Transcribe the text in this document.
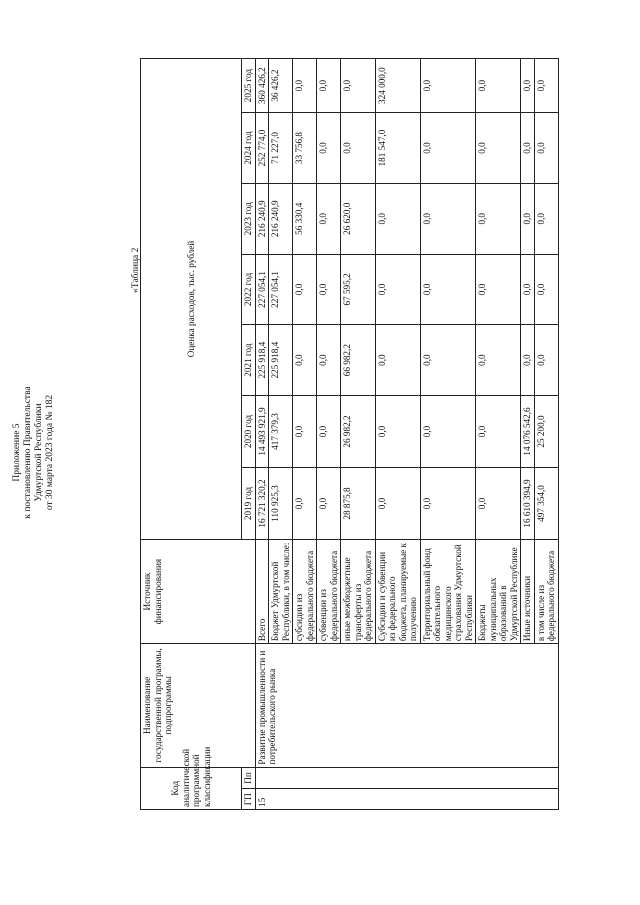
Приложение 5 к постановлению Правительства Удмуртской Республики от 30 марта 2023 года № 182
«Таблица 2
Код аналитической программной классификации		Наименование государственной программы, подпрограммы	Источник финансирования	Оценка расходов, тыс. рублей						
ГП	Пп			2019 год	2020 год	2021 год	2022 год	2023 год	2024 год	2025 год
15		Развитие промышленности и потребительского рынка	Всего	16 721 320,2	14 493 921,9	225 918,4	227 054,1	216 240,9	252 774,0	360 426,2
			Бюджет Удмуртской Республики, в том числе:	110 925,3	417 379,3	225 918,4	227 054,1	216 240,9	71 227,0	36 426,2
			субсидии из федерального бюджета	0,0	0,0	0,0	0,0	56 330,4	33 756,8	0,0
			субвенции из федерального бюджета	0,0	0,0	0,0	0,0	0,0	0,0	0,0
			иные межбюджетные трансферты из федерального бюджета	28 875,8	26 982,2	66 982,2	67 595,2	26 620,0	0,0	0,0
			Субсидии и субвенции из федерального бюджета, планируемые к получению	0,0	0,0	0,0	0,0	0,0	181 547,0	324 000,0
			Территориальный фонд обязательного медицинского страхования Удмуртской Республики	0,0	0,0	0,0	0,0	0,0	0,0	0,0
			Бюджеты муниципальных образований в Удмуртской Республике	0,0	0,0	0,0	0,0	0,0	0,0	0,0
			Иные источники	16 610 394,9	14 076 542,6	0,0	0,0	0,0	0,0	0,0
			в том числе из федерального бюджета	497 354,0	25 200,0	0,0	0,0	0,0	0,0	0,0
